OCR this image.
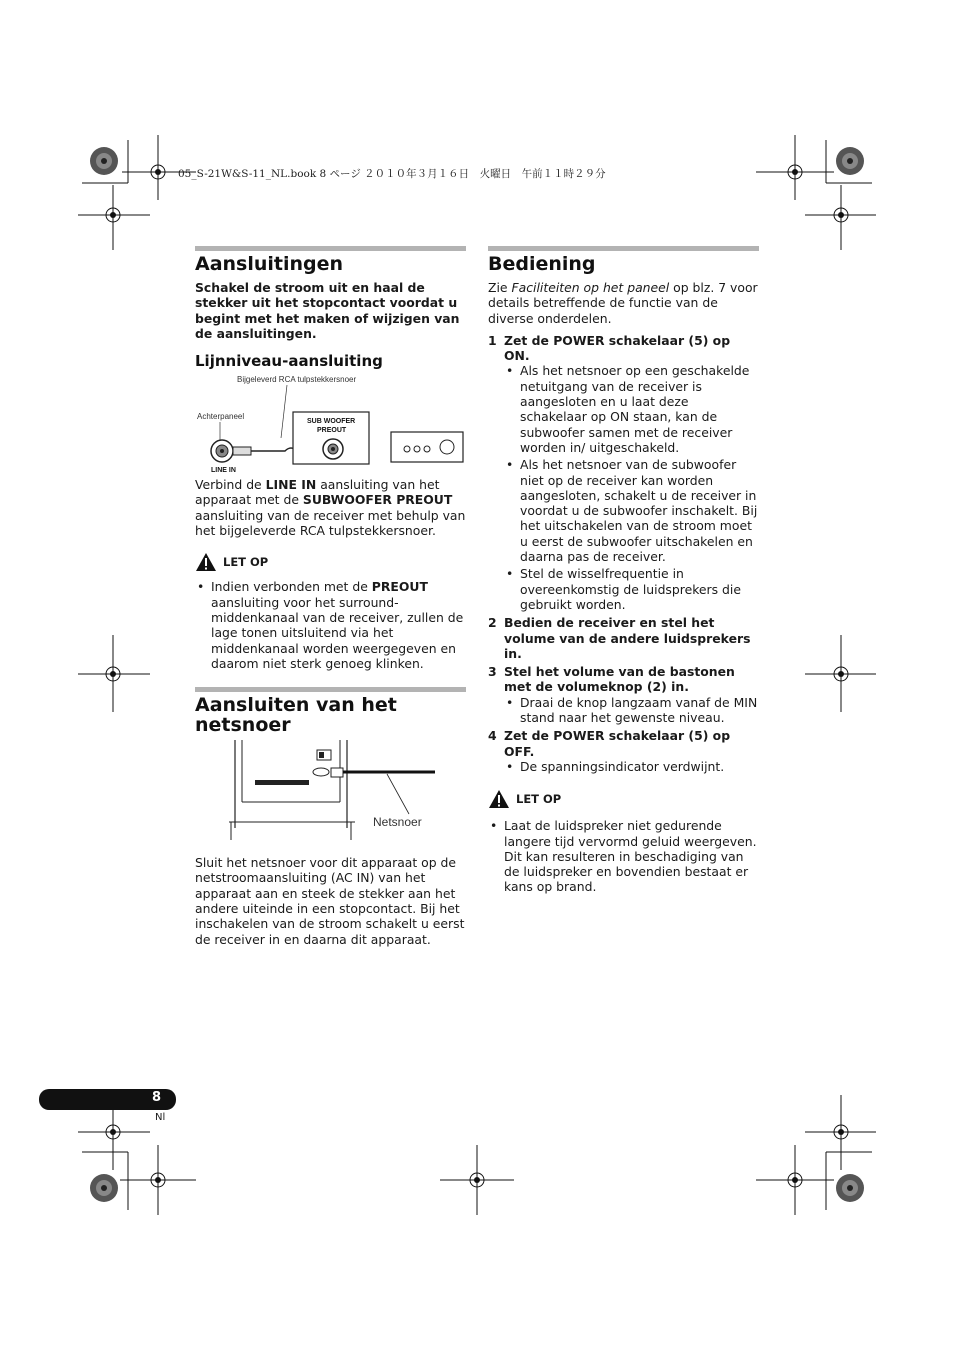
05_S-21W&S-11_NL.book 8 ページ ２０１０年３月１６日　火曜日　午前１１時２９分
Aansluitingen

Schakel de stroom uit en haal de stekker uit het stopcontact voordat u begint met het maken of wijzigen van de aansluitingen.

Lijnniveau-aansluiting
Bijgeleverd RCA tulpstekkersnoer
Achterpaneel
LINE IN
SUB WOOFER
PREOUT

Verbind de LINE IN aansluiting van het apparaat met de SUBWOOFER PREOUT aansluiting van de receiver met behulp van het bijgeleverde RCA tulpstekkersnoer.

LET OP
• Indien verbonden met de PREOUT aansluiting voor het surround-middenkanaal van de receiver, zullen de lage tonen uitsluitend via het middenkanaal worden weergegeven en daarom niet sterk genoeg klinken.
Aansluiten van het
netsnoer
Netsnoer

Sluit het netsnoer voor dit apparaat op de netstroomaansluiting (AC IN) van het apparaat aan en steek de stekker aan het andere uiteinde in een stopcontact. Bij het inschakelen van de stroom schakelt u eerst de receiver in en daarna dit apparaat.

Bediening

Zie Faciliteiten op het paneel op blz. 7 voor details betreffende de functie van de diverse onderdelen.

1 Zet de POWER schakelaar (5) op ON.
• Als het netsnoer op een geschakelde netuitgang van de receiver is aangesloten en u laat deze schakelaar op ON staan, kan de subwoofer samen met de receiver worden in/ uitgeschakeld.
• Als het netsnoer van de subwoofer niet op de receiver kan worden aangesloten, schakelt u de receiver in voordat u de subwoofer inschakelt. Bij het uitschakelen van de stroom moet u eerst de subwoofer uitschakelen en daarna pas de receiver.
• Stel de wisselfrequentie in overeenkomstig de luidsprekers die gebruikt worden.
2 Bedien de receiver en stel het volume van de andere luidsprekers in.
3 Stel het volume van de bastonen met de volumeknop (2) in.
• Draai de knop langzaam vanaf de MIN stand naar het gewenste niveau.
4 Zet de POWER schakelaar (5) op OFF.
• De spanningsindicator verdwijnt.
LET OP
• Laat de luidspreker niet gedurende langere tijd vervormd geluid weergeven. Dit kan resulteren in beschadiging van de luidspreker en bovendien bestaat er kans op brand.
8
Nl
